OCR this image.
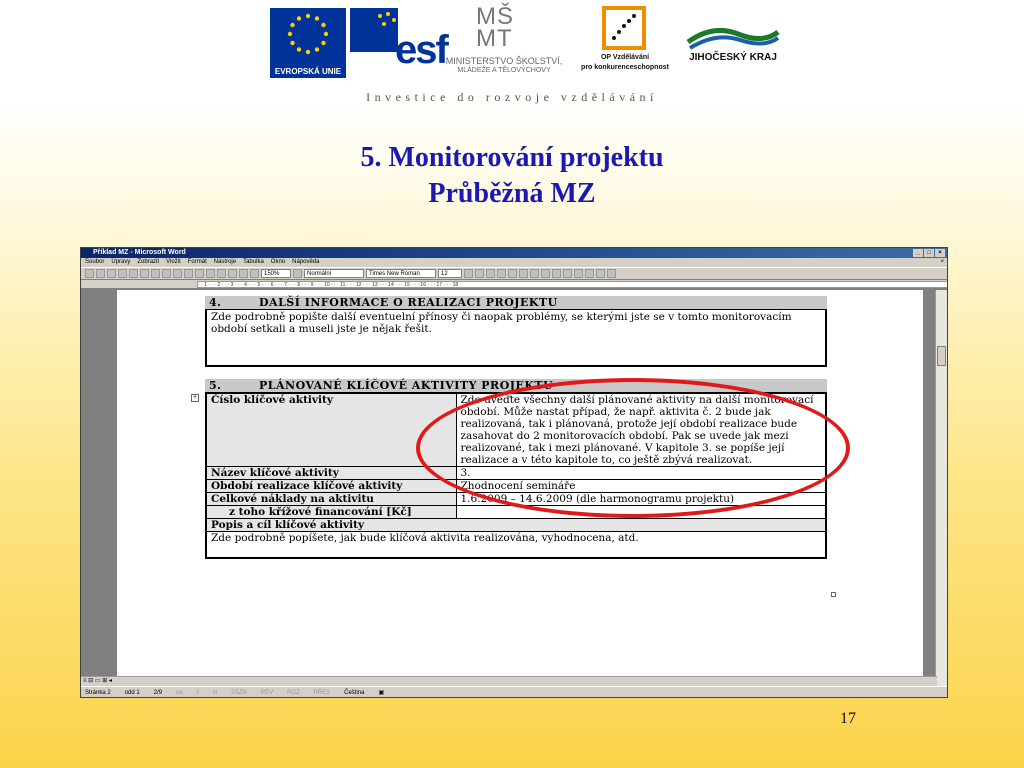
EVROPSKÁ UNIE esf
MŠ
MT
MINISTERSTVO ŠKOLSTVÍ,
MLÁDEŽE A TĚLOVÝCHOVY
OP Vzdělávání
pro konkurenceschopnost
JIHOČESKÝ KRAJ
Investice do rozvoje vzdělávání
5. Monitorování projektu
Průběžná MZ
Příklad MZ - Microsoft Word	_	□	×
Soubor Úpravy Zobrazit Vložit Formát Nástroje Tabulka Okno Nápověda	×
150%	Normální	Times New Roman	12
· · 1 · · · 2 · · · 3 · · · 4 · · · 5 · · · 6 · · · 7 · · · 8 · · · 9 · · · 10 · · · 11 · · · 12 · · · 13 · · · 14 · · · 15 · · · 16 · · · 17 · · · 18
+
4.	DALŠÍ INFORMACE O REALIZACI PROJEKTU
Zde podrobně popište další eventuelní přínosy či naopak problémy, se kterými jste se v tomto monitorovacím období setkali a museli jste je nějak řešit.
5.	PLÁNOVANÉ KLÍČOVÉ AKTIVITY PROJEKTU
Číslo klíčové aktivity	Zde uveďte všechny další plánované aktivity na další monitorovací období. Může nastat případ, že např. aktivita č. 2 bude jak realizovaná, tak i plánovaná, protože její období realizace bude zasahovat do 2 monitorovacích období. Pak se uvede jak mezi realizované, tak i mezi plánované. V kapitole 3. se popíše její realizace a v této kapitole to, co ještě zbývá realizovat.
Název klíčové aktivity	3.
Období realizace klíčové aktivity	Zhodnocení semináře
Celkové náklady na aktivitu	1.6.2009 – 14.6.2009 (dle harmonogramu projektu)
z toho křížové financování [Kč]	
Popis a cíl klíčové aktivity	
Zde podrobně popíšete, jak bude klíčová aktivita realizována, vyhodnocena, atd.	
≡ ⊟ ▭ ⊞ ◂
Stránka 2 odd 1 2/9 na ř sl ZÁZN REV ROZ PŘES Čeština ▣
17
